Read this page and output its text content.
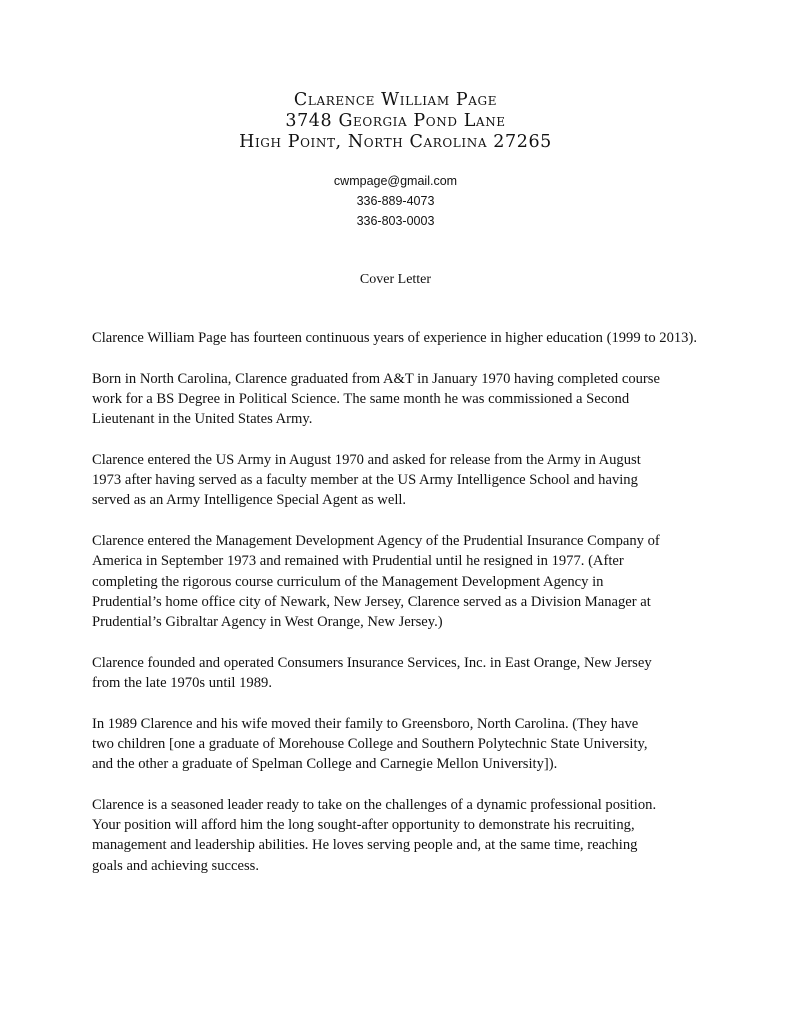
Clarence William Page
3748 Georgia Pond Lane
High Point, North Carolina 27265
cwmpage@gmail.com
336-889-4073
336-803-0003
Cover Letter

Clarence William Page has fourteen continuous years of experience in higher education (1999 to 2013).

Born in North Carolina, Clarence graduated from A&T in January 1970 having completed course
work for a BS Degree in Political Science. The same month he was commissioned a Second
Lieutenant in the United States Army.

Clarence entered the US Army in August 1970 and asked for release from the Army in August
1973 after having served as a faculty member at the US Army Intelligence School and having
served as an Army Intelligence Special Agent as well.

Clarence entered the Management Development Agency of the Prudential Insurance Company of
America in September 1973 and remained with Prudential until he resigned in 1977. (After
completing the rigorous course curriculum of the Management Development Agency in
Prudential’s home office city of Newark, New Jersey, Clarence served as a Division Manager at
Prudential’s Gibraltar Agency in West Orange, New Jersey.)

Clarence founded and operated Consumers Insurance Services, Inc. in East Orange, New Jersey
from the late 1970s until 1989.

In 1989 Clarence and his wife moved their family to Greensboro, North Carolina. (They have
two children [one a graduate of Morehouse College and Southern Polytechnic State University,
and the other a graduate of Spelman College and Carnegie Mellon University]).

Clarence is a seasoned leader ready to take on the challenges of a dynamic professional position.
Your position will afford him the long sought-after opportunity to demonstrate his recruiting,
management and leadership abilities. He loves serving people and, at the same time, reaching
goals and achieving success.
